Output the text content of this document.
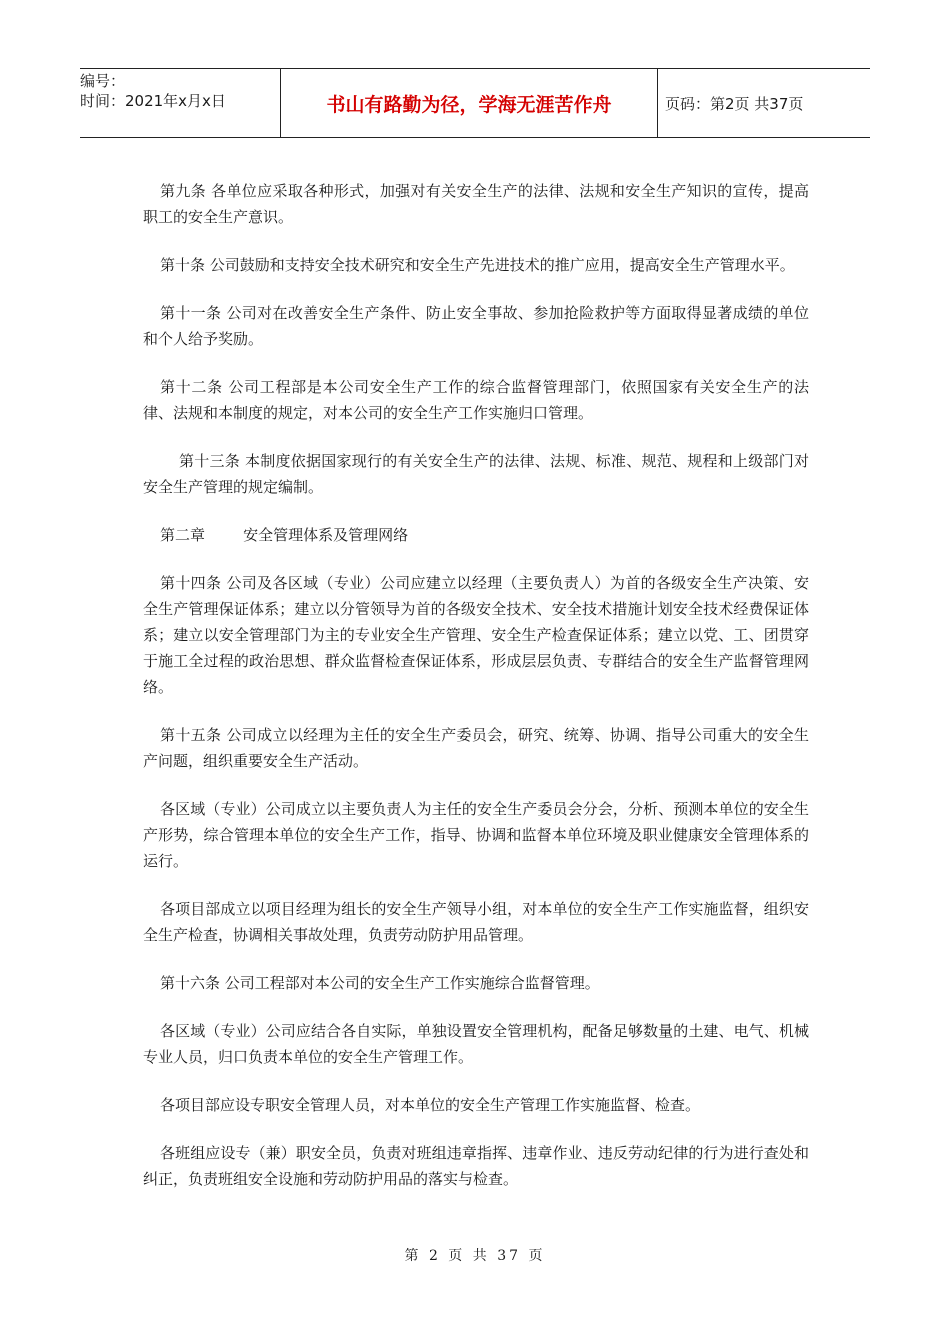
编号：
时间：2021年x月x日	书山有路勤为径，学海无涯苦作舟	页码：第2页 共37页

第九条 各单位应采取各种形式，加强对有关安全生产的法律、法规和安全生产知识的宣传，提高职工的安全生产意识。

第十条 公司鼓励和支持安全技术研究和安全生产先进技术的推广应用，提高安全生产管理水平。

第十一条 公司对在改善安全生产条件、防止安全事故、参加抢险救护等方面取得显著成绩的单位和个人给予奖励。

第十二条 公司工程部是本公司安全生产工作的综合监督管理部门，依照国家有关安全生产的法律、法规和本制度的规定，对本公司的安全生产工作实施归口管理。

第十三条 本制度依据国家现行的有关安全生产的法律、法规、标准、规范、规程和上级部门对安全生产管理的规定编制。

第二章        安全管理体系及管理网络

第十四条 公司及各区域（专业）公司应建立以经理（主要负责人）为首的各级安全生产决策、安全生产管理保证体系；建立以分管领导为首的各级安全技术、安全技术措施计划安全技术经费保证体系；建立以安全管理部门为主的专业安全生产管理、安全生产检查保证体系；建立以党、工、团贯穿于施工全过程的政治思想、群众监督检查保证体系，形成层层负责、专群结合的安全生产监督管理网络。

第十五条 公司成立以经理为主任的安全生产委员会，研究、统筹、协调、指导公司重大的安全生产问题，组织重要安全生产活动。

各区域（专业）公司成立以主要负责人为主任的安全生产委员会分会，分析、预测本单位的安全生产形势，综合管理本单位的安全生产工作，指导、协调和监督本单位环境及职业健康安全管理体系的运行。

各项目部成立以项目经理为组长的安全生产领导小组，对本单位的安全生产工作实施监督，组织安全生产检查，协调相关事故处理，负责劳动防护用品管理。

第十六条 公司工程部对本公司的安全生产工作实施综合监督管理。

各区域（专业）公司应结合各自实际，单独设置安全管理机构，配备足够数量的土建、电气、机械专业人员，归口负责本单位的安全生产管理工作。

各项目部应设专职安全管理人员，对本单位的安全生产管理工作实施监督、检查。

各班组应设专（兼）职安全员，负责对班组违章指挥、违章作业、违反劳动纪律的行为进行查处和纠正，负责班组安全设施和劳动防护用品的落实与检查。

第 2 页 共 37 页
